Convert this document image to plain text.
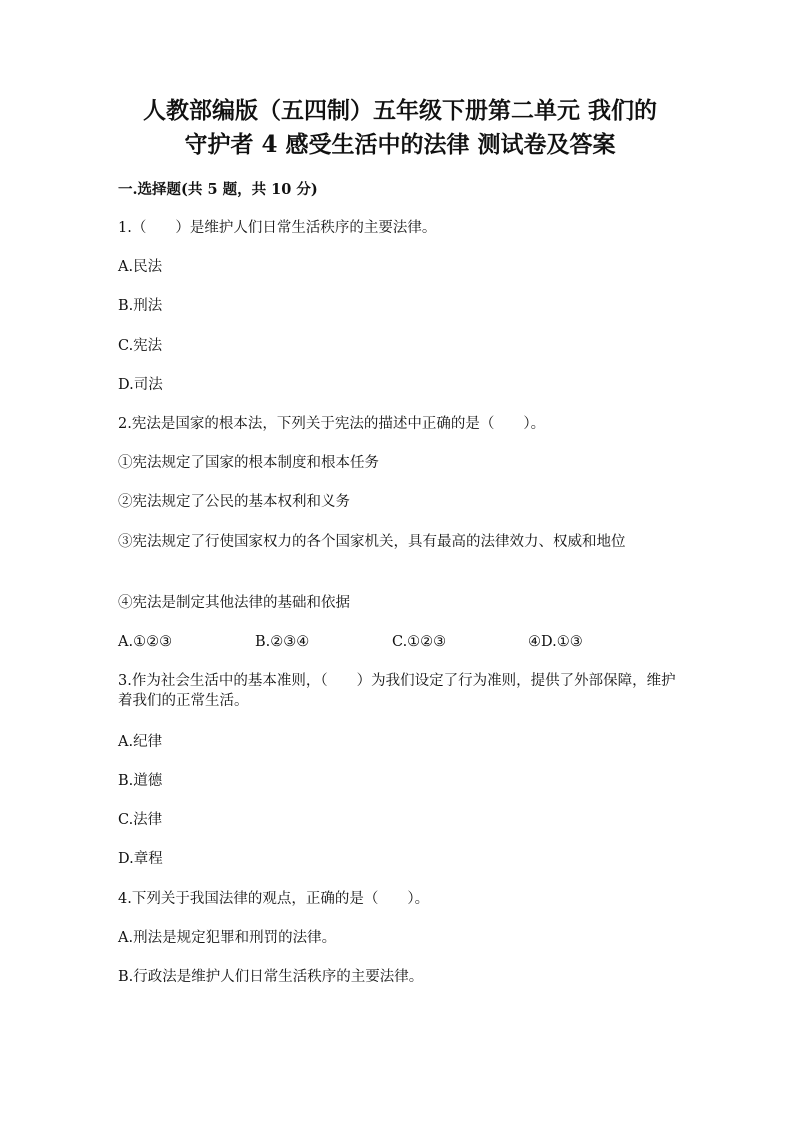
人教部编版（五四制）五年级下册第二单元 我们的
守护者 4 感受生活中的法律 测试卷及答案
一.选择题(共 5 题，共 10 分)
1.（　　）是维护人们日常生活秩序的主要法律。
A.民法
B.刑法
C.宪法
D.司法
2.宪法是国家的根本法，下列关于宪法的描述中正确的是（　　）。
①宪法规定了国家的根本制度和根本任务
②宪法规定了公民的基本权利和义务
③宪法规定了行使国家权力的各个国家机关，具有最高的法律效力、权威和地位
④宪法是制定其他法律的基础和依据
A.①②③	B.②③④	C.①②③	④D.①③
3.作为社会生活中的基本准则，（　　）为我们设定了行为准则，提供了外部保障，维护着我们的正常生活。
A.纪律
B.道德
C.法律
D.章程
4.下列关于我国法律的观点，正确的是（　　）。
A.刑法是规定犯罪和刑罚的法律。
B.行政法是维护人们日常生活秩序的主要法律。
